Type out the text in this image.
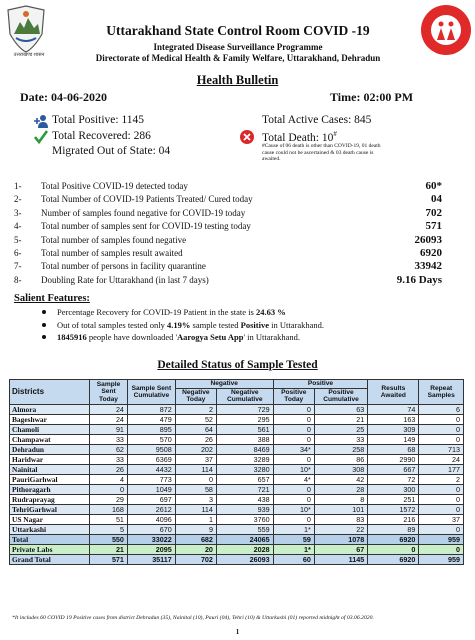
उत्तराखण्ड शासन
Uttarakhand State Control Room COVID -19
Integrated Disease Surveillance Programme
Directorate of Medical Health & Family Welfare, Uttarakhand, Dehradun
Health Bulletin
Date: 04-06-2020	Time: 02:00 PM
Total Positive: 1145
Total Recovered: 286
Migrated Out of State: 04
Total Active Cases: 845
Total Death: 10#
#Cause of 06 death is other than COVID-19, 01 death cause could not be ascertained & 03 death cause is awaited.
1- Total Positive COVID-19 detected today	60*
2- Total Number of COVID-19 Patients Treated/ Cured today	04
3- Number of samples found negative for COVID-19 today	702
4- Total number of samples sent for COVID-19 testing today	571
5- Total number of samples found negative	26093
6- Total number of samples result awaited	6920
7- Total number of persons in facility quarantine	33942
8- Doubling Rate for Uttarakhand (in last 7 days)	9.16 Days
Salient Features:
Percentage Recovery for COVID-19 Patient in the state is 24.63 %
Out of total samples tested only 4.19% sample tested Positive in Uttarakhand.
1845916 people have downloaded 'Aarogya Setu App' in Uttarakhand.
Detailed Status of Sample Tested
Districts	Sample Sent Today	Sample Sent Cumulative	Negative		Positive		Results Awaited	Repeat Samples
			Negative Today	Negative Cumulative	Positive Today	Positive Cumulative		
Almora	24	872	2	729	0	63	74	6
Bageshwar	24	479	52	295	0	21	163	0
Chamoli	91	895	64	561	0	25	309	0
Champawat	33	570	26	388	0	33	149	0
Dehradun	62	9508	202	8469	34*	258	68	713
Haridwar	33	6369	37	3289	0	86	2990	24
Nainital	26	4432	114	3280	10*	308	667	177
PauriGarhwal	4	773	0	657	4*	42	72	2
Pithoragarh	0	1049	58	721	0	28	300	0
Rudraprayag	29	697	3	438	0	8	251	0
TehriGarhwal	168	2612	114	939	10*	101	1572	0
US Nagar	51	4096	1	3760	0	83	216	37
Uttarkashi	5	670	9	559	1*	22	89	0
Total	550	33022	682	24065	59	1078	6920	959
Private Labs	21	2095	20	2028	1*	67	0	0
Grand Total	571	35117	702	26093	60	1145	6920	959
*It includes 60 COVID 19 Positive cases from district Dehradun (35), Nainital (10), Pauri (04), Tehri (10) & Uttarkashi (01) reported midnight of 03.06.2020.
1
